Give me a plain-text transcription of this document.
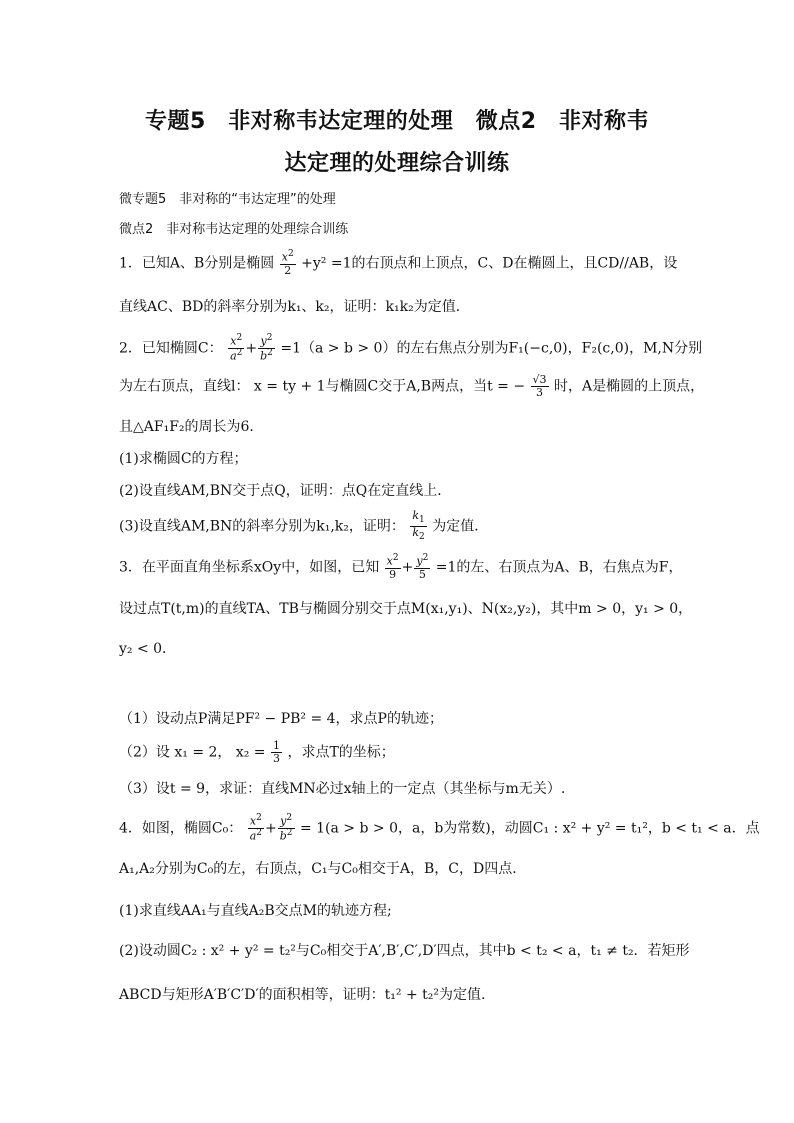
专题5　非对称韦达定理的处理　微点2　非对称韦
达定理的处理综合训练
微专题5　非对称的“韦达定理”的处理
微点2　非对称韦达定理的处理综合训练
1．已知A、B分别是椭圆 $\frac{x^2}{2} +y^2 =1$的右顶点和上顶点，C、D在椭圆上，且CD//AB，设
直线AC、BD的斜率分别为k₁、k₂，证明：k₁k₂为定值．
2．已知椭圆C： $\frac{x^2}{a^2} + \frac{y^2}{b^2} =1(a > b > 0)$的左右焦点分别为F₁(−c,0)，F₂(c,0)，M,N分别
为左右顶点，直线l： x = ty + 1与椭圆C交于A,B两点，当t = − $\frac{√3}{3}$ 时，A是椭圆的上顶点，
且△AF₁F₂的周长为6．
(1)求椭圆C的方程；
(2)设直线AM,BN交于点Q，证明：点Q在定直线上．
(3)设直线AM,BN的斜率分别为k₁,k₂，证明： $\frac{k_1}{k_2}$ 为定值．
3．在平面直角坐标系xOy中，如图，已知 $\frac{x^2}{9} + \frac{y^2}{5} =1$的左、右顶点为A、B，右焦点为F，
设过点T(t,m)的直线TA、TB与椭圆分别交于点M(x₁,y₁)、N(x₂,y₂)，其中m > 0，y₁ > 0，
y₂ < 0．
（1）设动点P满足PF² − PB² = 4，求点P的轨迹；
（2）设 x₁ = 2， $x_2 = \frac{1}{3}$ ，求点T的坐标；
（3）设t = 9，求证：直线MN必过x轴上的一定点（其坐标与m无关）.
4．如图，椭圆C₀： $\frac{x^2}{a^2} + \frac{y^2}{b^2} = 1(a > b > 0$，a，b为常数)，动圆C₁ : x² + y² = t₁²，b < t₁ < a．点
A₁,A₂分别为C₀的左，右顶点，C₁与C₀相交于A，B，C，D四点．
(1)求直线AA₁与直线A₂B交点M的轨迹方程;
(2)设动圆C₂ : x² + y² = t₂²与C₀相交于A′,B′,C′,D′四点，其中b < t₂ < a，t₁ ≠ t₂．若矩形
ABCD与矩形A′B′C′D′的面积相等，证明：t₁² + t₂²为定值.
